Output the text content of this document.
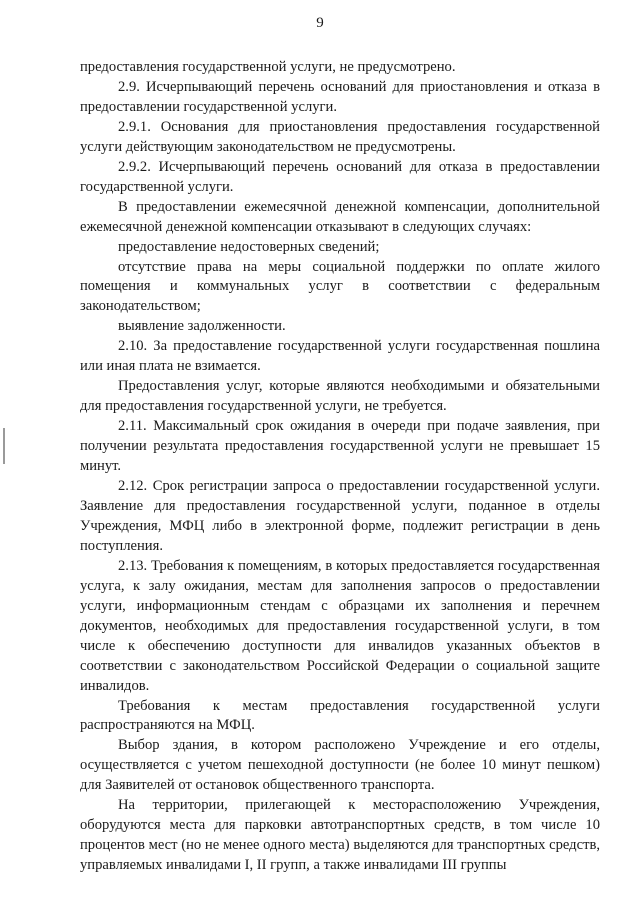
9

предоставления государственной услуги, не предусмотрено.

2.9. Исчерпывающий перечень оснований для приостановления и отказа в предоставлении государственной услуги.

2.9.1. Основания для приостановления предоставления государственной услуги действующим законодательством не предусмотрены.

2.9.2. Исчерпывающий перечень оснований для отказа в предоставлении государственной услуги.

В предоставлении ежемесячной денежной компенсации, дополнительной ежемесячной денежной компенсации отказывают в следующих случаях:

предоставление недостоверных сведений;

отсутствие права на меры социальной поддержки по оплате жилого помещения и коммунальных услуг в соответствии с федеральным законодательством;

выявление задолженности.

2.10. За предоставление государственной услуги государственная пошлина или иная плата не взимается.

Предоставления услуг, которые являются необходимыми и обязательными для предоставления государственной услуги, не требуется.

2.11. Максимальный срок ожидания в очереди при подаче заявления, при получении результата предоставления государственной услуги не превышает 15 минут.

2.12. Срок регистрации запроса о предоставлении государственной услуги. Заявление для предоставления государственной услуги, поданное в отделы Учреждения, МФЦ либо в электронной форме, подлежит регистрации в день поступления.

2.13. Требования к помещениям, в которых предоставляется государственная услуга, к залу ожидания, местам для заполнения запросов о предоставлении услуги, информационным стендам с образцами их заполнения и перечнем документов, необходимых для предоставления государственной услуги, в том числе к обеспечению доступности для инвалидов указанных объектов в соответствии с законодательством Российской Федерации о социальной защите инвалидов.

Требования к местам предоставления государственной услуги распространяются на МФЦ.

Выбор здания, в котором расположено Учреждение и его отделы, осуществляется с учетом пешеходной доступности (не более 10 минут пешком) для Заявителей от остановок общественного транспорта.

На территории, прилегающей к месторасположению Учреждения, оборудуются места для парковки автотранспортных средств, в том числе 10 процентов мест (но не менее одного места) выделяются для транспортных средств, управляемых инвалидами I, II групп, а также инвалидами III группы
